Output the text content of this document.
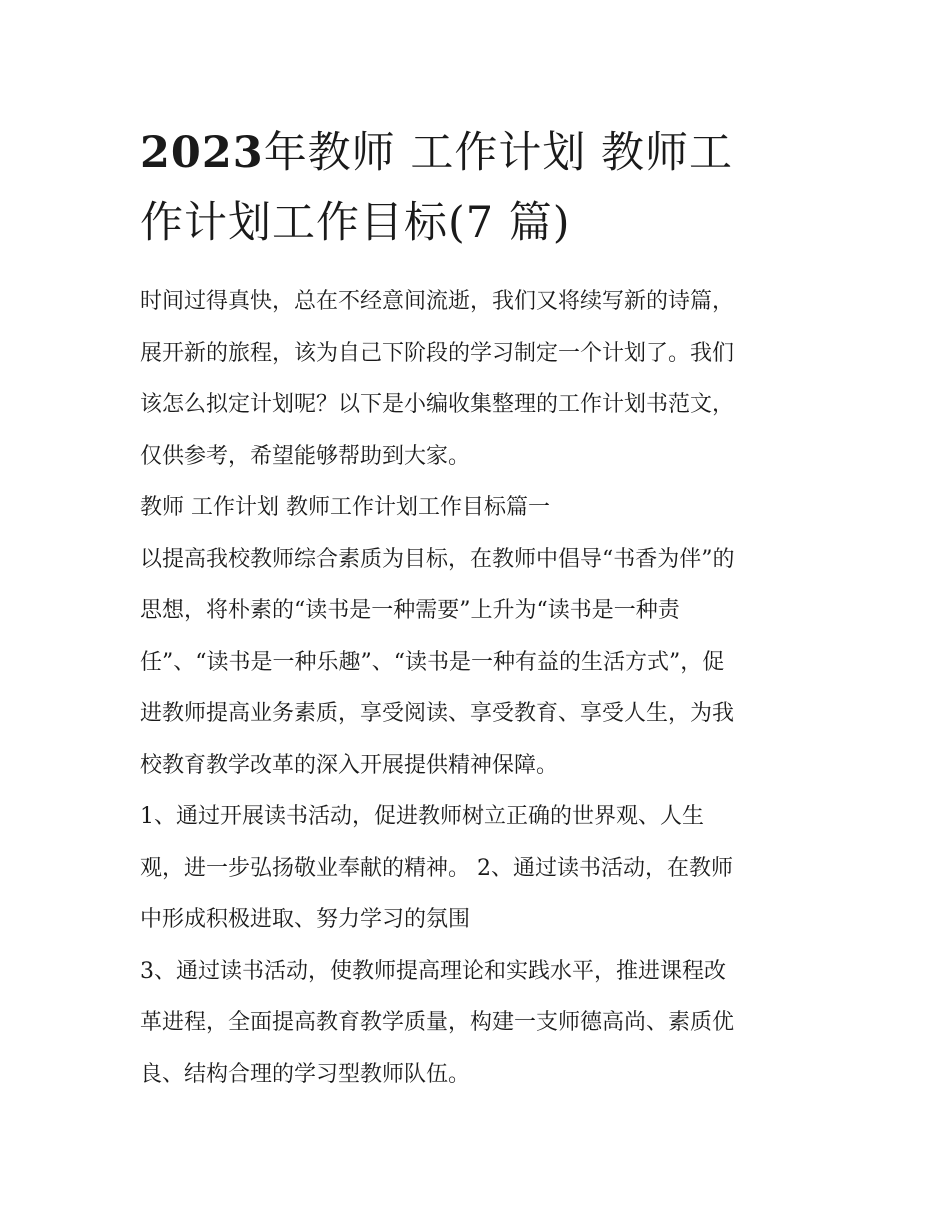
2023年教师 工作计划 教师工
作计划工作目标(7 篇)
时间过得真快，总在不经意间流逝，我们又将续写新的诗篇，
展开新的旅程，该为自己下阶段的学习制定一个计划了。我们
该怎么拟定计划呢？以下是小编收集整理的工作计划书范文，
仅供参考，希望能够帮助到大家。
教师 工作计划 教师工作计划工作目标篇一
以提高我校教师综合素质为目标，在教师中倡导“书香为伴”的
思想，将朴素的“读书是一种需要”上升为“读书是一种责
任”、“读书是一种乐趣”、“读书是一种有益的生活方式”，促
进教师提高业务素质，享受阅读、享受教育、享受人生，为我
校教育教学改革的深入开展提供精神保障。
1、通过开展读书活动，促进教师树立正确的世界观、人生
观，进一步弘扬敬业奉献的精神。 2、通过读书活动，在教师
中形成积极进取、努力学习的氛围
3、通过读书活动，使教师提高理论和实践水平，推进课程改
革进程，全面提高教育教学质量，构建一支师德高尚、素质优
良、结构合理的学习型教师队伍。
